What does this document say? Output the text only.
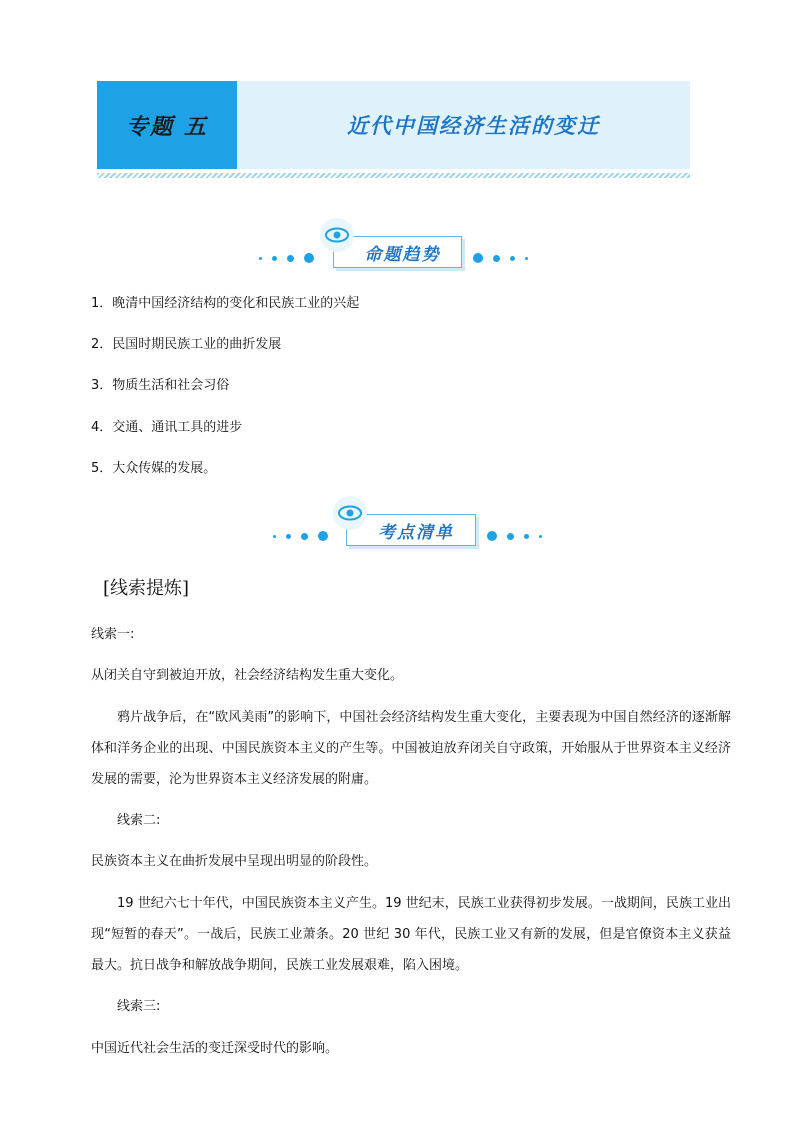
专题 五	近代中国经济生活的变迁
命题趋势
1．晚清中国经济结构的变化和民族工业的兴起
2．民国时期民族工业的曲折发展
3．物质生活和社会习俗
4．交通、通讯工具的进步
5．大众传媒的发展。
考点清单
[线索提炼]
线索一:
从闭关自守到被迫开放，社会经济结构发生重大变化。
鸦片战争后，在“欧风美雨”的影响下，中国社会经济结构发生重大变化，主要表现为中国自然经济的逐渐解体和洋务企业的出现、中国民族资本主义的产生等。中国被迫放弃闭关自守政策，开始服从于世界资本主义经济发展的需要，沦为世界资本主义经济发展的附庸。
线索二:
民族资本主义在曲折发展中呈现出明显的阶段性。
19 世纪六七十年代，中国民族资本主义产生。19 世纪末，民族工业获得初步发展。一战期间，民族工业出现“短暂的春天”。一战后，民族工业萧条。20 世纪 30 年代，民族工业又有新的发展，但是官僚资本主义获益最大。抗日战争和解放战争期间，民族工业发展艰难，陷入困境。
线索三:
中国近代社会生活的变迁深受时代的影响。
